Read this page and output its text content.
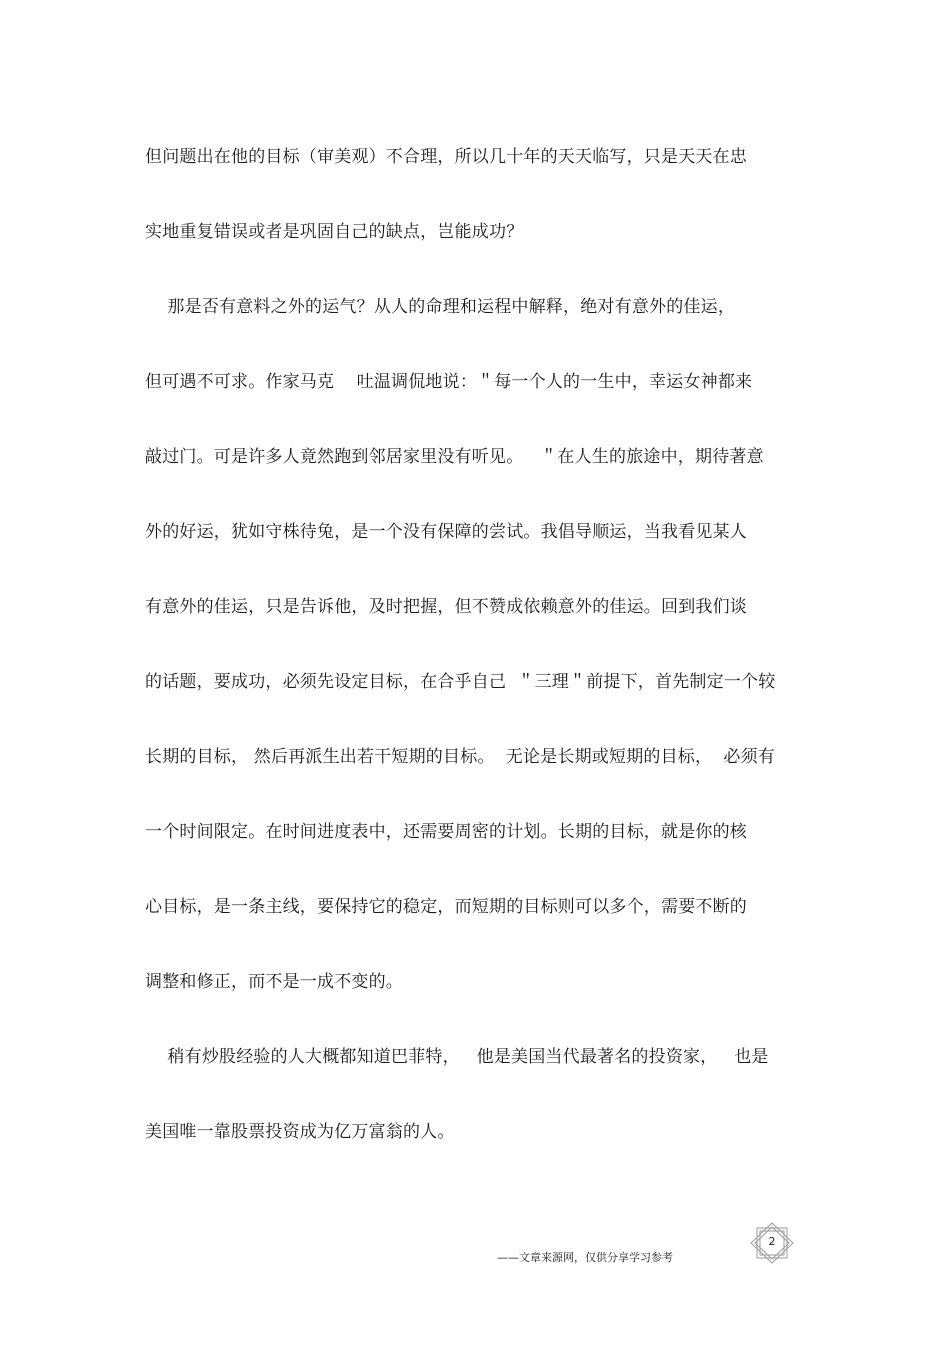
但问题出在他的目标（审美观）不合理，所以几十年的天天临写，只是天天在忠
实地重复错误或者是巩固自己的缺点，岂能成功？
那是否有意料之外的运气？从人的命理和运程中解释，绝对有意外的佳运，
但可遇不可求。作家马克    吐温调侃地说：＂每一个人的一生中，幸运女神都来
敲过门。可是许多人竟然跑到邻居家里没有听见。   ＂在人生的旅途中，期待著意
外的好运，犹如守株待兔，是一个没有保障的尝试。我倡导顺运，当我看见某人
有意外的佳运，只是告诉他，及时把握，但不赞成依赖意外的佳运。回到我们谈
的话题，要成功，必须先设定目标，在合乎自己  ＂三理＂前提下，首先制定一个较
长期的目标， 然后再派生出若干短期的目标。  无论是长期或短期的目标，  必须有
一个时间限定。在时间进度表中，还需要周密的计划。长期的目标，就是你的核
心目标，是一条主线，要保持它的稳定，而短期的目标则可以多个，需要不断的
调整和修正，而不是一成不变的。
稍有炒股经验的人大概都知道巴菲特，   他是美国当代最著名的投资家，   也是
美国唯一靠股票投资成为亿万富翁的人。
——文章来源网，仅供分享学习参考
2
